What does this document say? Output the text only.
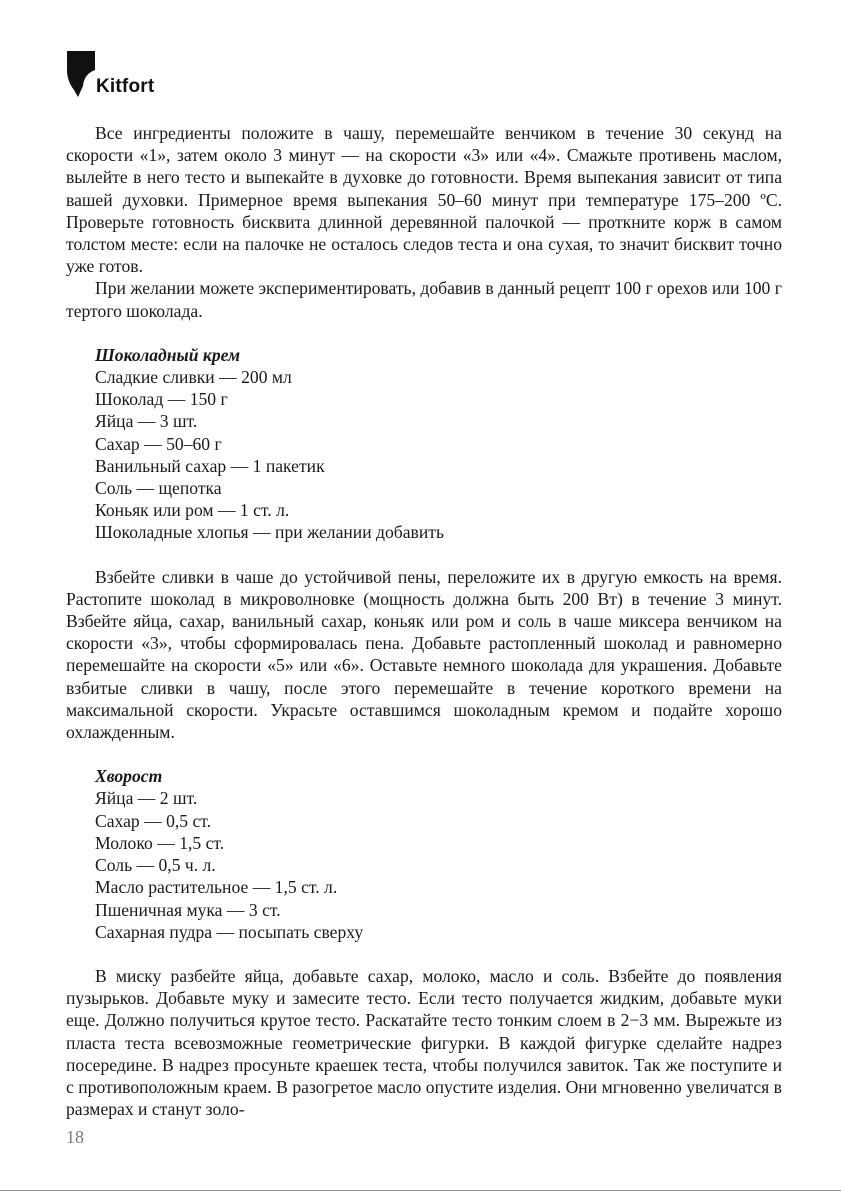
Kitfort

Все ингредиенты положите в чашу, перемешайте венчиком в течение 30 секунд на скорости «1», затем около 3 минут — на скорости «3» или «4». Смажьте противень маслом, вылейте в него тесто и выпекайте в духовке до готовности. Время выпекания зависит от типа вашей духовки. Примерное время выпекания 50–60 минут при температуре 175–200 ºС. Проверьте готовность бисквита длинной деревянной палочкой — проткните корж в самом толстом месте: если на палочке не осталось следов теста и она сухая, то значит бисквит точно уже готов.

При желании можете экспериментировать, добавив в данный рецепт 100 г орехов или 100 г тертого шоколада.

Шоколадный крем
Сладкие сливки — 200 мл
Шоколад — 150 г
Яйца — 3 шт.
Сахар — 50–60 г
Ванильный сахар — 1 пакетик
Соль — щепотка
Коньяк или ром — 1 ст. л.
Шоколадные хлопья — при желании добавить

Взбейте сливки в чаше до устойчивой пены, переложите их в другую емкость на время. Растопите шоколад в микроволновке (мощность должна быть 200 Вт) в течение 3 минут. Взбейте яйца, сахар, ванильный сахар, коньяк или ром и соль в чаше миксера венчиком на скорости «3», чтобы сформировалась пена. Добавьте растопленный шоколад и равномерно перемешайте на скорости «5» или «6». Оставьте немного шоколада для украшения. Добавьте взбитые сливки в чашу, после этого перемешайте в течение короткого времени на максимальной скорости. Украсьте оставшимся шоколадным кремом и подайте хорошо охлажденным.

Хворост
Яйца — 2 шт.
Сахар — 0,5 ст.
Молоко — 1,5 ст.
Соль — 0,5 ч. л.
Масло растительное — 1,5 ст. л.
Пшеничная мука — 3 ст.
Сахарная пудра — посыпать сверху

В миску разбейте яйца, добавьте сахар, молоко, масло и соль. Взбейте до появления пузырьков. Добавьте муку и замесите тесто. Если тесто получается жидким, добавьте муки еще. Должно получиться крутое тесто. Раскатайте тесто тонким слоем в 2−3 мм. Вырежьте из пласта теста всевозможные геометрические фигурки. В каждой фигурке сделайте надрез посередине. В надрез просуньте краешек теста, чтобы получился завиток. Так же поступите и с противоположным краем. В разогретое масло опустите изделия. Они мгновенно увеличатся в размерах и станут золо-

18
